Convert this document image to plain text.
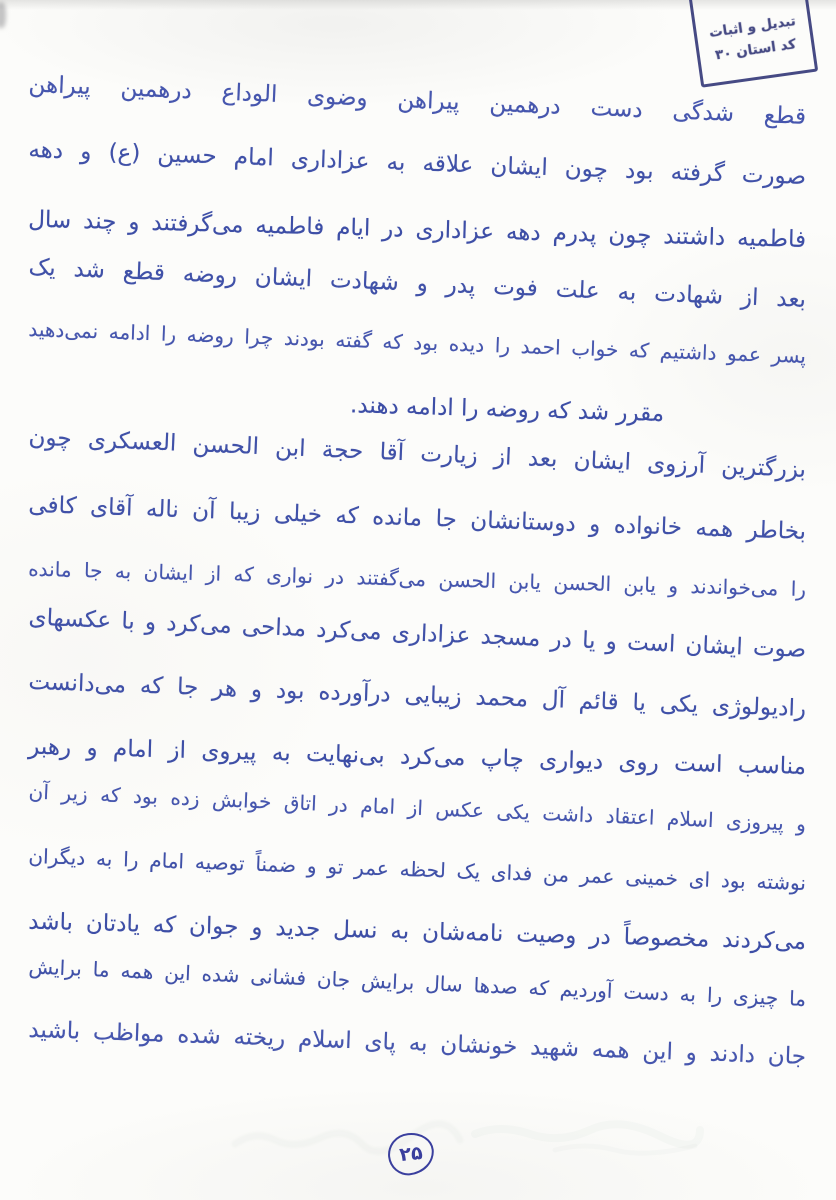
تبدیل و اثبات
کد استان ۳۰
قطع شدگی دست درهمین پیراهن وضوی الوداع درهمین پیراهن
صورت گرفته بود چون ایشان علاقه به عزاداری امام حسین (ع) و دهه
فاطمیه داشتند چون پدرم دهه عزاداری در ایام فاطمیه می‌گرفتند و چند سال
بعد از شهادت به علت فوت پدر و شهادت ایشان روضه قطع شد یک
پسر عمو داشتیم که خواب احمد را دیده بود که گفته بودند چرا روضه را ادامه نمی‌دهید
مقرر شد که روضه را ادامه دهند.
بزرگترین آرزوی ایشان بعد از زیارت آقا حجة ابن الحسن العسکری چون
بخاطر همه خانواده و دوستانشان جا مانده که خیلی زیبا آن ناله آقای کافی
را می‌خواندند و یابن الحسن یابن الحسن می‌گفتند در نواری که از ایشان به جا مانده
صوت ایشان است و یا در مسجد عزاداری می‌کرد مداحی می‌کرد و با عکسهای
رادیولوژی یکی یا قائم آل محمد زیبایی درآورده بود و هر جا که می‌دانست
مناسب است روی دیواری چاپ می‌کرد بی‌نهایت به پیروی از امام و رهبر
و پیروزی اسلام اعتقاد داشت یکی عکس از امام در اتاق خوابش زده بود که زیر آن
نوشته بود ای خمینی عمر من فدای یک لحظه عمر تو و ضمناً توصیه امام را به دیگران
می‌کردند مخصوصاً در وصیت نامه‌شان به نسل جدید و جوان که یادتان باشد
ما چیزی را به دست آوردیم که صدها سال برایش جان فشانی شده این همه ما برایش
جان دادند و این همه شهید خونشان به پای اسلام ریخته شده مواظب باشید
۲۵
